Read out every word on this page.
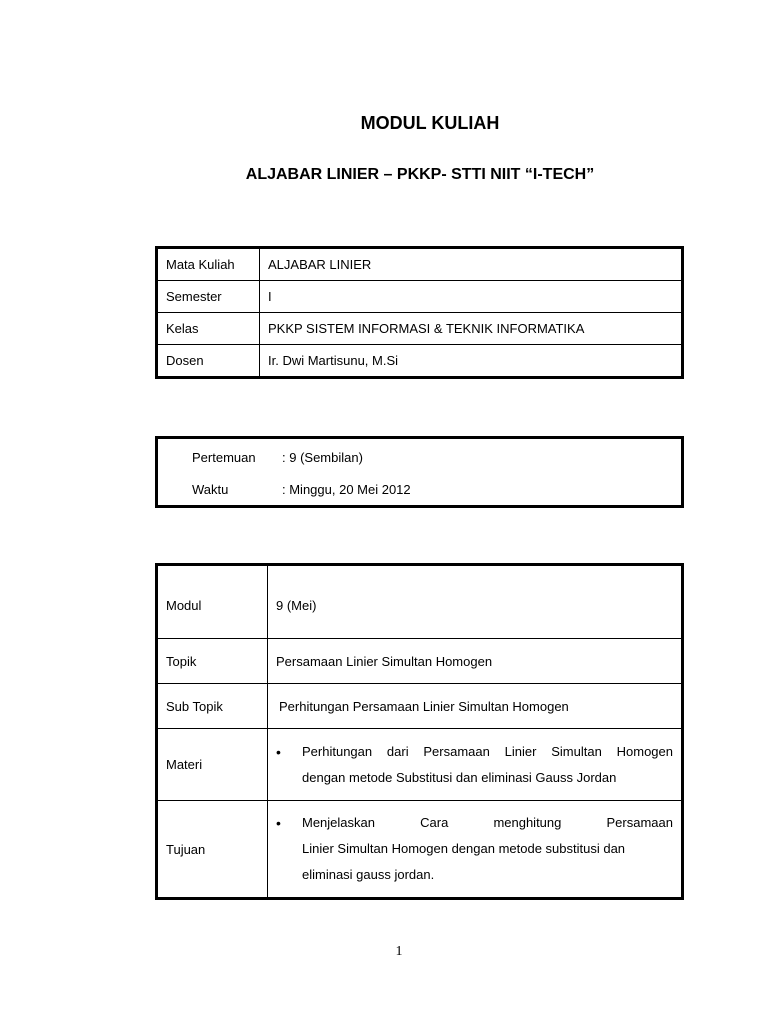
MODUL KULIAH
ALJABAR LINIER – PKKP- STTI NIIT “I-TECH”
Mata Kuliah	ALJABAR LINIER
Semester	I
Kelas	PKKP SISTEM INFORMASI & TEKNIK INFORMATIKA
Dosen	Ir. Dwi Martisunu, M.Si
Pertemuan	: 9 (Sembilan)
Waktu	: Minggu, 20 Mei 2012
Modul	9 (Mei)
Topik	Persamaan Linier Simultan Homogen
Sub Topik	Perhitungan Persamaan Linier Simultan Homogen
Materi	• Perhitungan dari Persamaan Linier Simultan Homogen
dengan metode Substitusi dan eliminasi Gauss Jordan

Tujuan	• Menjelaskan Cara menghitung Persamaan
Linier Simultan Homogen dengan metode substitusi dan
eliminasi gauss jordan.
1
